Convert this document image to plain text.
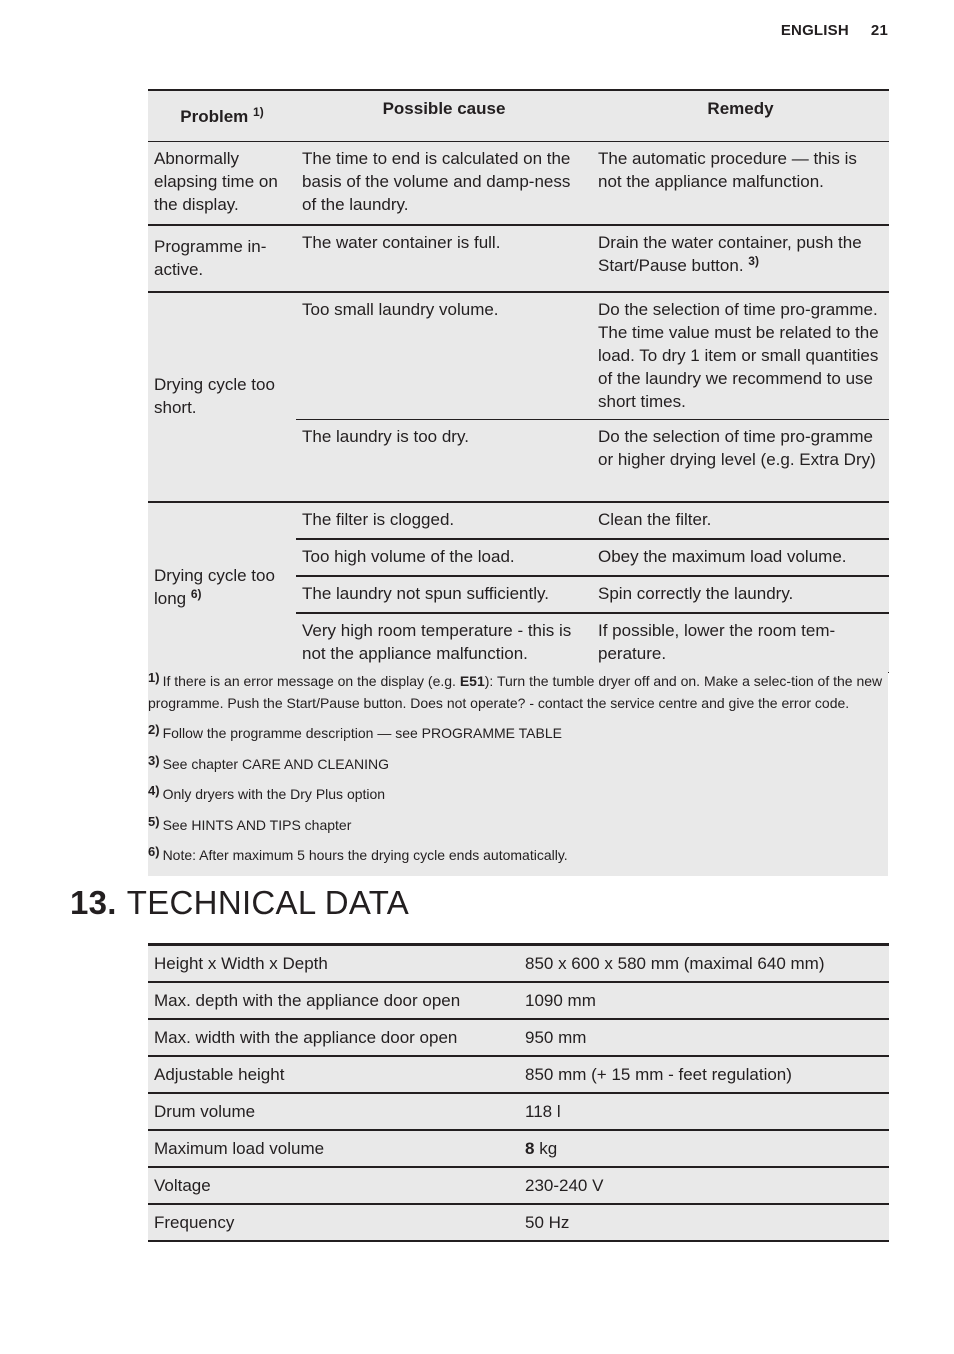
ENGLISH 21
Problem $^{1)}$	Possible cause	Remedy
Abnormally elapsing time on the display.	The time to end is calculated on the basis of the volume and damp-ness of the laundry.	The automatic procedure — this is not the appliance malfunction.
Programme in-active.	The water container is full.	Drain the water container, push the Start/Pause button. $^{3)}$
Drying cycle too short.	Too small laundry volume.	Do the selection of time pro-gramme. The time value must be related to the load. To dry 1 item or small quantities of the laundry we recommend to use short times.
	The laundry is too dry.	Do the selection of time pro-gramme or higher drying level (e.g. Extra Dry)
Drying cycle too long $^{6)}$	The filter is clogged.	Clean the filter.
	Too high volume of the load.	Obey the maximum load volume.
	The laundry not spun sufficiently.	Spin correctly the laundry.
	Very high room temperature - this is not the appliance malfunction.	If possible, lower the room tem-perature.
1) If there is an error message on the display (e.g. E51): Turn the tumble dryer off and on. Make a selec-tion of the new programme. Push the Start/Pause button. Does not operate? - contact the service centre and give the error code.
2) Follow the programme description — see PROGRAMME TABLE
3) See chapter CARE AND CLEANING
4) Only dryers with the Dry Plus option
5) See HINTS AND TIPS chapter
6) Note: After maximum 5 hours the drying cycle ends automatically.
13. TECHNICAL DATA
Height x Width x Depth	850 x 600 x 580 mm (maximal 640 mm)
Max. depth with the appliance door open	1090 mm
Max. width with the appliance door open	950 mm
Adjustable height	850 mm (+ 15 mm - feet regulation)
Drum volume	118 l
Maximum load volume	8 kg
Voltage	230-240 V
Frequency	50 Hz
